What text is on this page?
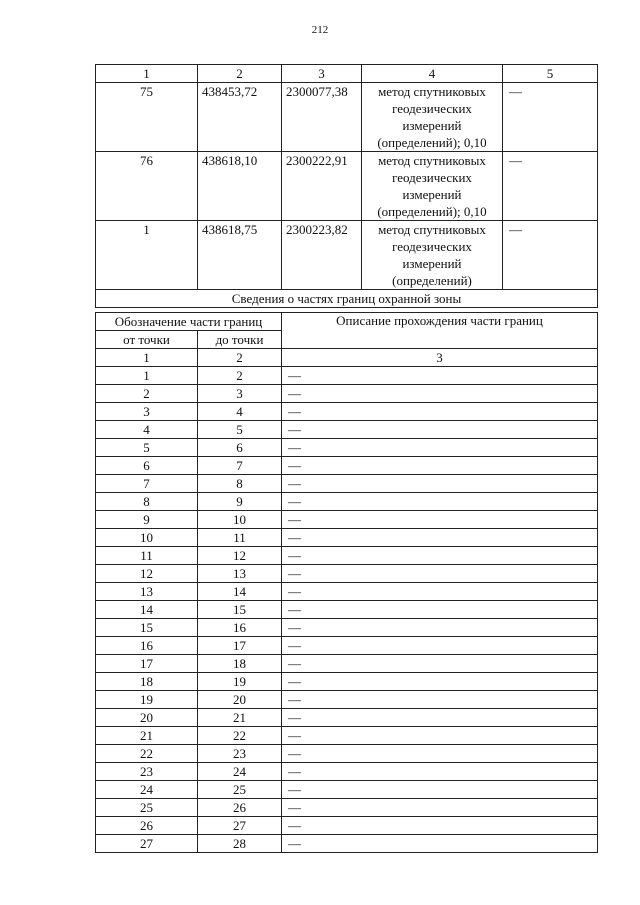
212
1	2	3	4	5
75	438453,72	2300077,38	метод спутниковых геодезических измерений (определений); 0,10	—
76	438618,10	2300222,91	метод спутниковых геодезических измерений (определений); 0,10	—
1	438618,75	2300223,82	метод спутниковых геодезических измерений (определений)	—
Сведения о частях границ охранной зоны				
Обозначение части границ		Описание прохождения части границ
от точки	до точки	
1	2	3
1	2	—
2	3	—
3	4	—
4	5	—
5	6	—
6	7	—
7	8	—
8	9	—
9	10	—
10	11	—
11	12	—
12	13	—
13	14	—
14	15	—
15	16	—
16	17	—
17	18	—
18	19	—
19	20	—
20	21	—
21	22	—
22	23	—
23	24	—
24	25	—
25	26	—
26	27	—
27	28	—
